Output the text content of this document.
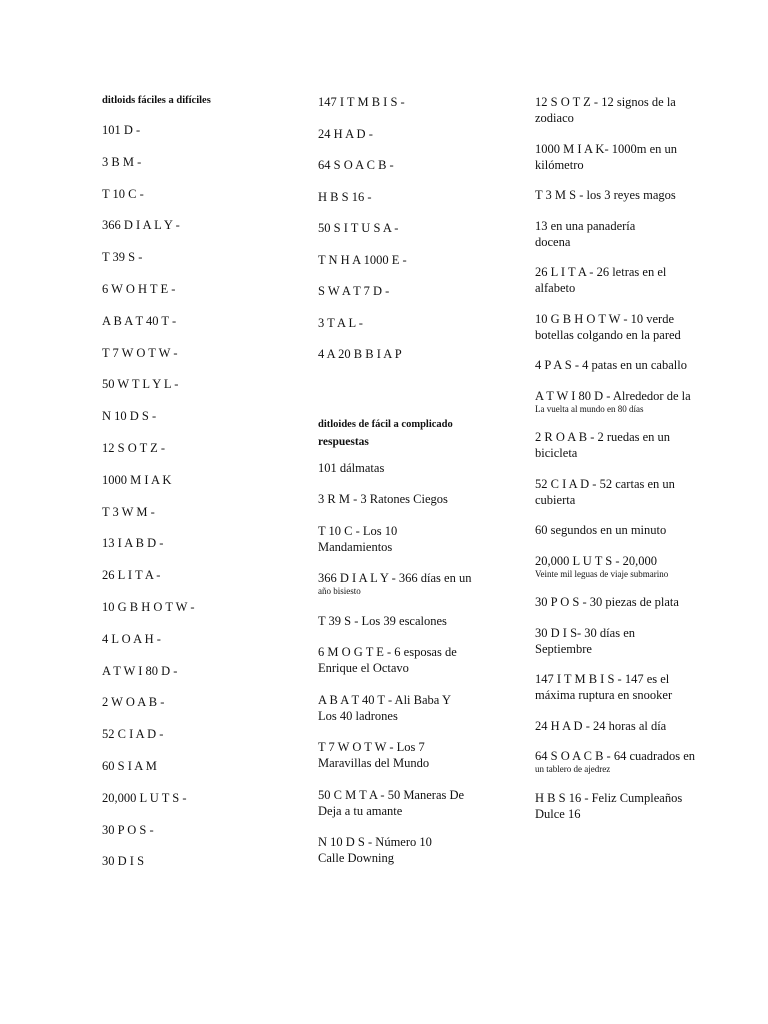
ditloids fáciles a difíciles
101 D -
3 B M -
T 10 C -
366 D I A L Y -
T 39 S -
6 W O H T E -
A B A T 40 T -
T 7 W O T W -
50 W T L Y L -
N 10 D S -
12 S O T Z -
1000 M I A K
T 3 W M -
13 I A B D -
26 L I T A -
10 G B H O T W -
4 L O A H -
A T W I 80 D -
2 W O A B -
52 C I A D -
60 S I A M
20,000 L U T S -
30 P O S -
30 D I S
147 I T M B I S -
24 H A D -
64 S O A C B -
H B S 16 -
50 S I T U S A -
T N H A 1000 E -
S W A T 7 D -
3 T A L -
4 A 20 B B I A P
ditloides de fácil a complicado
respuestas
101 dálmatas
3 R M - 3 Ratones Ciegos
T 10 C - Los 10
Mandamientos
366 D I A L Y - 366 días en un
año bisiesto
T 39 S - Los 39 escalones
6 M O G T E - 6 esposas de
Enrique el Octavo
A B A T 40 T - Ali Baba Y
Los 40 ladrones
T 7 W O T W - Los 7
Maravillas del Mundo
50 C M T A - 50 Maneras De
Deja a tu amante
N 10 D S - Número 10
Calle Downing
12 S O T Z - 12 signos de la
zodiaco
1000 M I A K- 1000m en un
kilómetro
T 3 M S - los 3 reyes magos
13 en una panadería
docena
26 L I T A - 26 letras en el
alfabeto
10 G B H O T W - 10 verde
botellas colgando en la pared
4 P A S - 4 patas en un caballo
A T W I 80 D - Alrededor de la
La vuelta al mundo en 80 días
2 R O A B - 2 ruedas en un
bicicleta
52 C I A D - 52 cartas en un
cubierta
60 segundos en un minuto
20,000 L U T S - 20,000
Veinte mil leguas de viaje submarino
30 P O S - 30 piezas de plata
30 D I S- 30 días en
Septiembre
147 I T M B I S - 147 es el
máxima ruptura en snooker
24 H A D - 24 horas al día
64 S O A C B - 64 cuadrados en
un tablero de ajedrez
H B S 16 - Feliz Cumpleaños
Dulce 16
